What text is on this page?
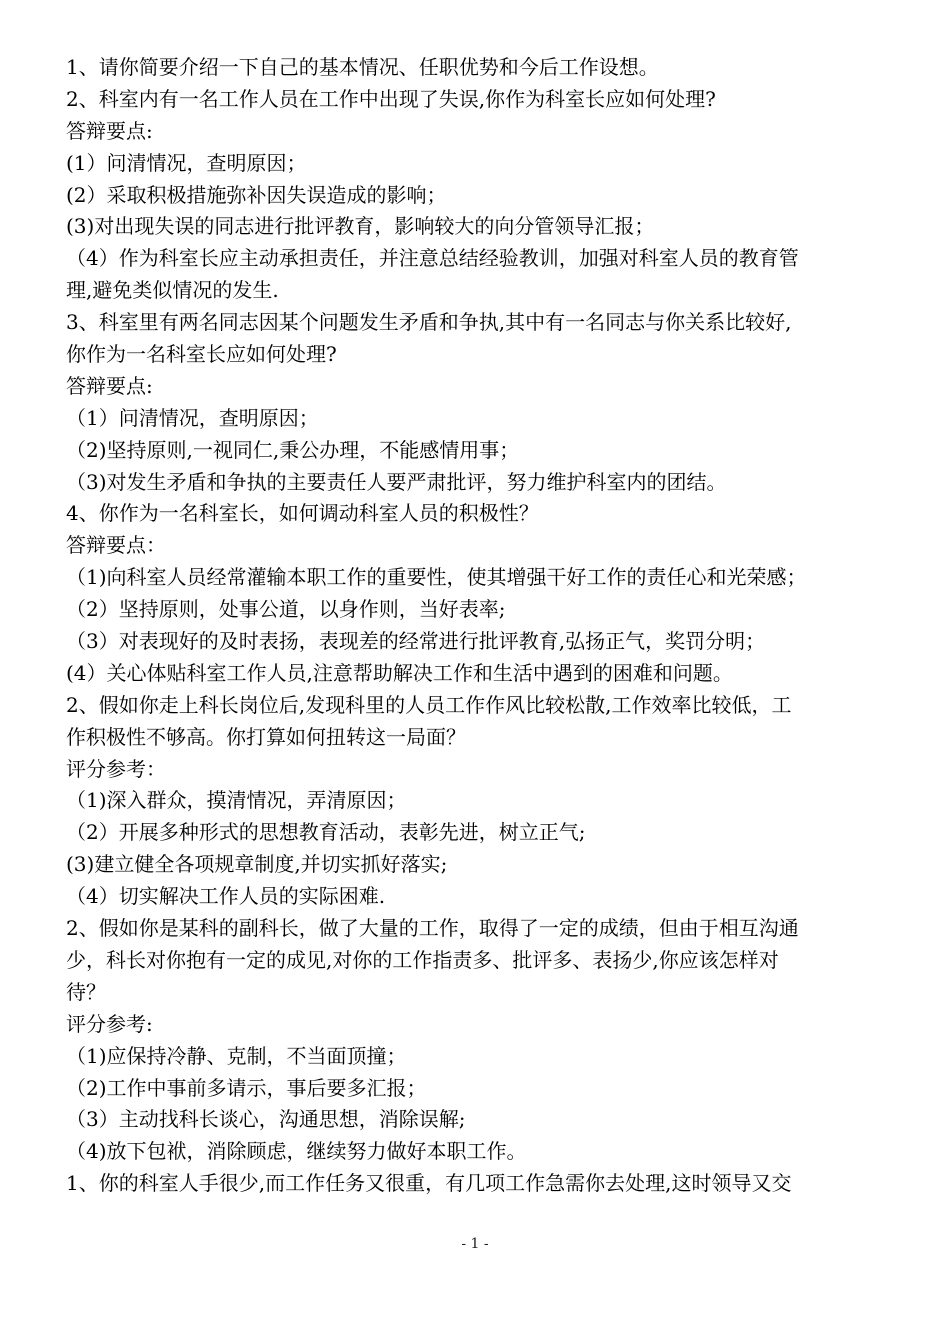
1、请你简要介绍一下自己的基本情况、任职优势和今后工作设想。

2、科室内有一名工作人员在工作中出现了失误,你作为科室长应如何处理?

答辩要点:

(1）问清情况，查明原因；

(2）采取积极措施弥补因失误造成的影响；

(3)对出现失误的同志进行批评教育，影响较大的向分管领导汇报；

（4）作为科室长应主动承担责任，并注意总结经验教训，加强对科室人员的教育管

理,避免类似情况的发生.

3、科室里有两名同志因某个问题发生矛盾和争执,其中有一名同志与你关系比较好,

你作为一名科室长应如何处理?

答辩要点:

（1）问清情况，查明原因；

（2)坚持原则,一视同仁,秉公办理，不能感情用事；

（3)对发生矛盾和争执的主要责任人要严肃批评，努力维护科室内的团结。

4、你作为一名科室长，如何调动科室人员的积极性？

答辩要点：

（1)向科室人员经常灌输本职工作的重要性，使其增强干好工作的责任心和光荣感；

（2）坚持原则，处事公道，以身作则，当好表率;

（3）对表现好的及时表扬，表现差的经常进行批评教育,弘扬正气，奖罚分明；

(4）关心体贴科室工作人员,注意帮助解决工作和生活中遇到的困难和问题。

2、假如你走上科长岗位后,发现科里的人员工作作风比较松散,工作效率比较低，工

作积极性不够高。你打算如何扭转这一局面？

评分参考：

（1)深入群众，摸清情况，弄清原因；

（2）开展多种形式的思想教育活动，表彰先进，树立正气;

(3)建立健全各项规章制度,并切实抓好落实;

（4）切实解决工作人员的实际困难.

2、假如你是某科的副科长，做了大量的工作，取得了一定的成绩，但由于相互沟通

少，科长对你抱有一定的成见,对你的工作指责多、批评多、表扬少,你应该怎样对

待？

评分参考:

（1)应保持冷静、克制，不当面顶撞；

（2)工作中事前多请示，事后要多汇报；

（3）主动找科长谈心，沟通思想，消除误解;

（4)放下包袱，消除顾虑，继续努力做好本职工作。

1、你的科室人手很少,而工作任务又很重，有几项工作急需你去处理,这时领导又交

- 1 -
